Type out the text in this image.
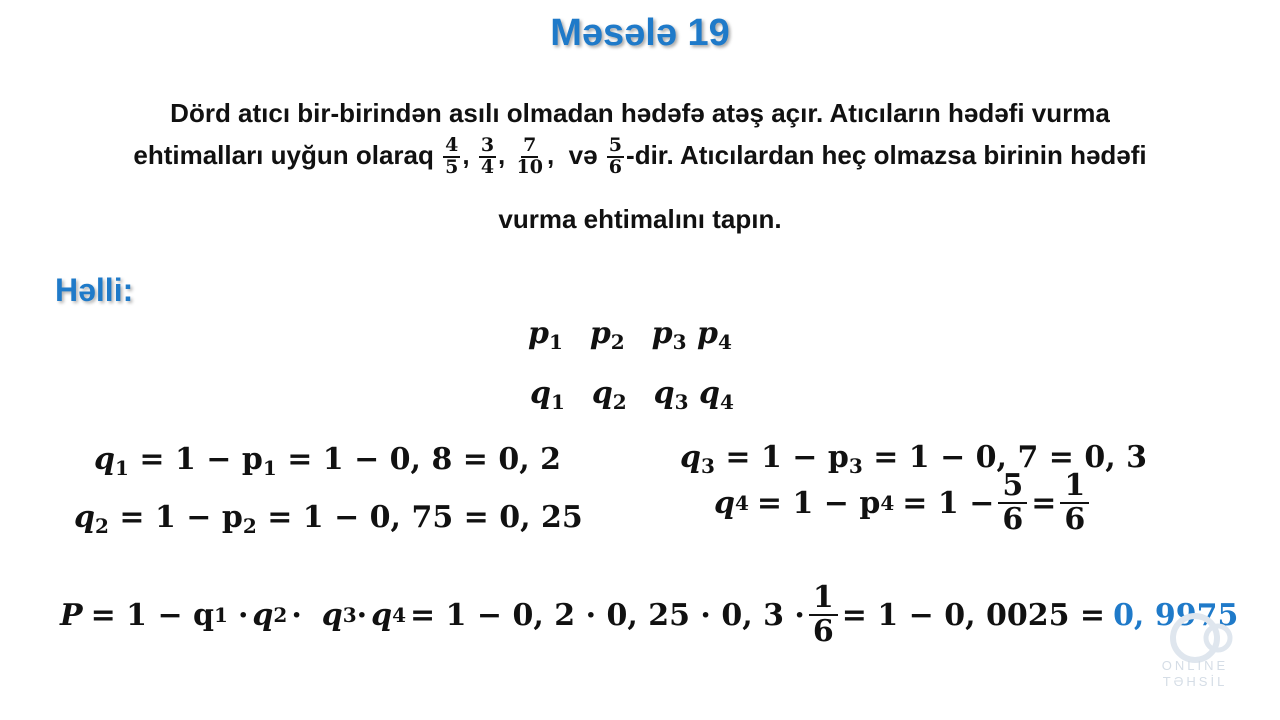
Məsələ 19
Dörd atıcı bir-birindən asılı olmadan hədəfə atəş açır. Atıcıların hədəfi vurma
ehtimalları uyğun olaraq $\frac{4}{5}$ , $\frac{3}{4}$ , $\frac{7}{10}$ ,  və $\frac{5}{6} -dir$. Atıcılardan heç olmazsa birinin hədəfi
vurma ehtimalını tapın.
Həlli:
$p_1$ $p_2$ $p_3$ $p_4$
$q_1$ $q_2$ $q_3$ $q_4$
$q_1 = 1 - p_1 = 1 - 0$, 8 = 0, 2
$q_2 = 1 - p_2 = 1 - 0$, 75 = 0, 25
$q_3 = 1 - p_3 = 1 - 0$, 7 = 0, 3
q 4 = 1 − p $4 = 1 - \frac{5}{6} = \frac{1}{6}$
P = 1 − q 1 · q 2 · q 3 · q 4 = 1 − 0, 2 · 0, 25 · 0, $3 \cdot \frac{1}{6} = 1 - 0$, 0025 = 0, 9975
ONLINE
TƏHSİL
